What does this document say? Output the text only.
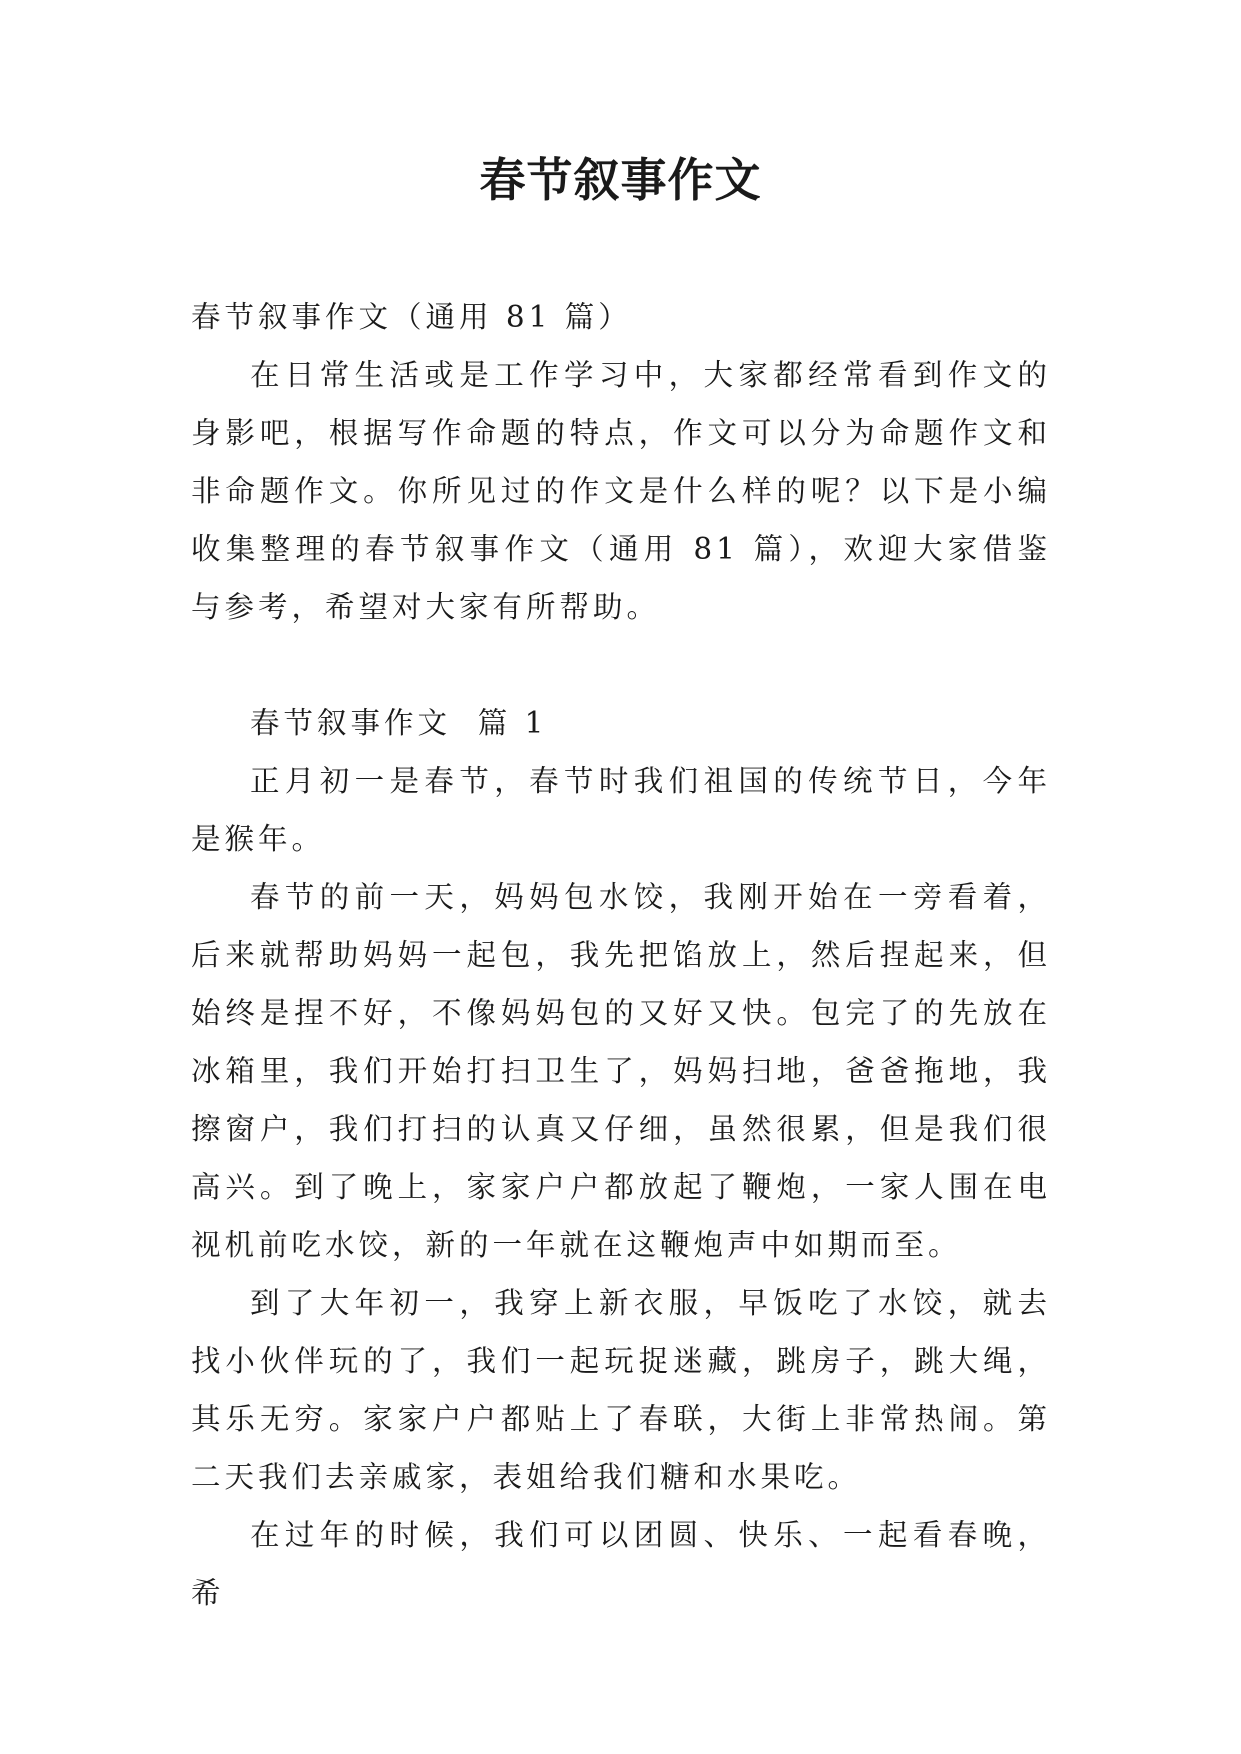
春节叙事作文

春节叙事作文（通用 81 篇）

在日常生活或是工作学习中，大家都经常看到作文的身影吧，根据写作命题的特点，作文可以分为命题作文和非命题作文。你所见过的作文是什么样的呢？以下是小编收集整理的春节叙事作文（通用 81 篇），欢迎大家借鉴与参考，希望对大家有所帮助。

春节叙事作文  篇 1

正月初一是春节，春节时我们祖国的传统节日，今年是猴年。

春节的前一天，妈妈包水饺，我刚开始在一旁看着，后来就帮助妈妈一起包，我先把馅放上，然后捏起来，但始终是捏不好，不像妈妈包的又好又快。包完了的先放在冰箱里，我们开始打扫卫生了，妈妈扫地，爸爸拖地，我擦窗户，我们打扫的认真又仔细，虽然很累，但是我们很高兴。到了晚上，家家户户都放起了鞭炮，一家人围在电视机前吃水饺，新的一年就在这鞭炮声中如期而至。

到了大年初一，我穿上新衣服，早饭吃了水饺，就去找小伙伴玩的了，我们一起玩捉迷藏，跳房子，跳大绳，其乐无穷。家家户户都贴上了春联，大街上非常热闹。第二天我们去亲戚家，表姐给我们糖和水果吃。

在过年的时候，我们可以团圆、快乐、一起看春晚，希
